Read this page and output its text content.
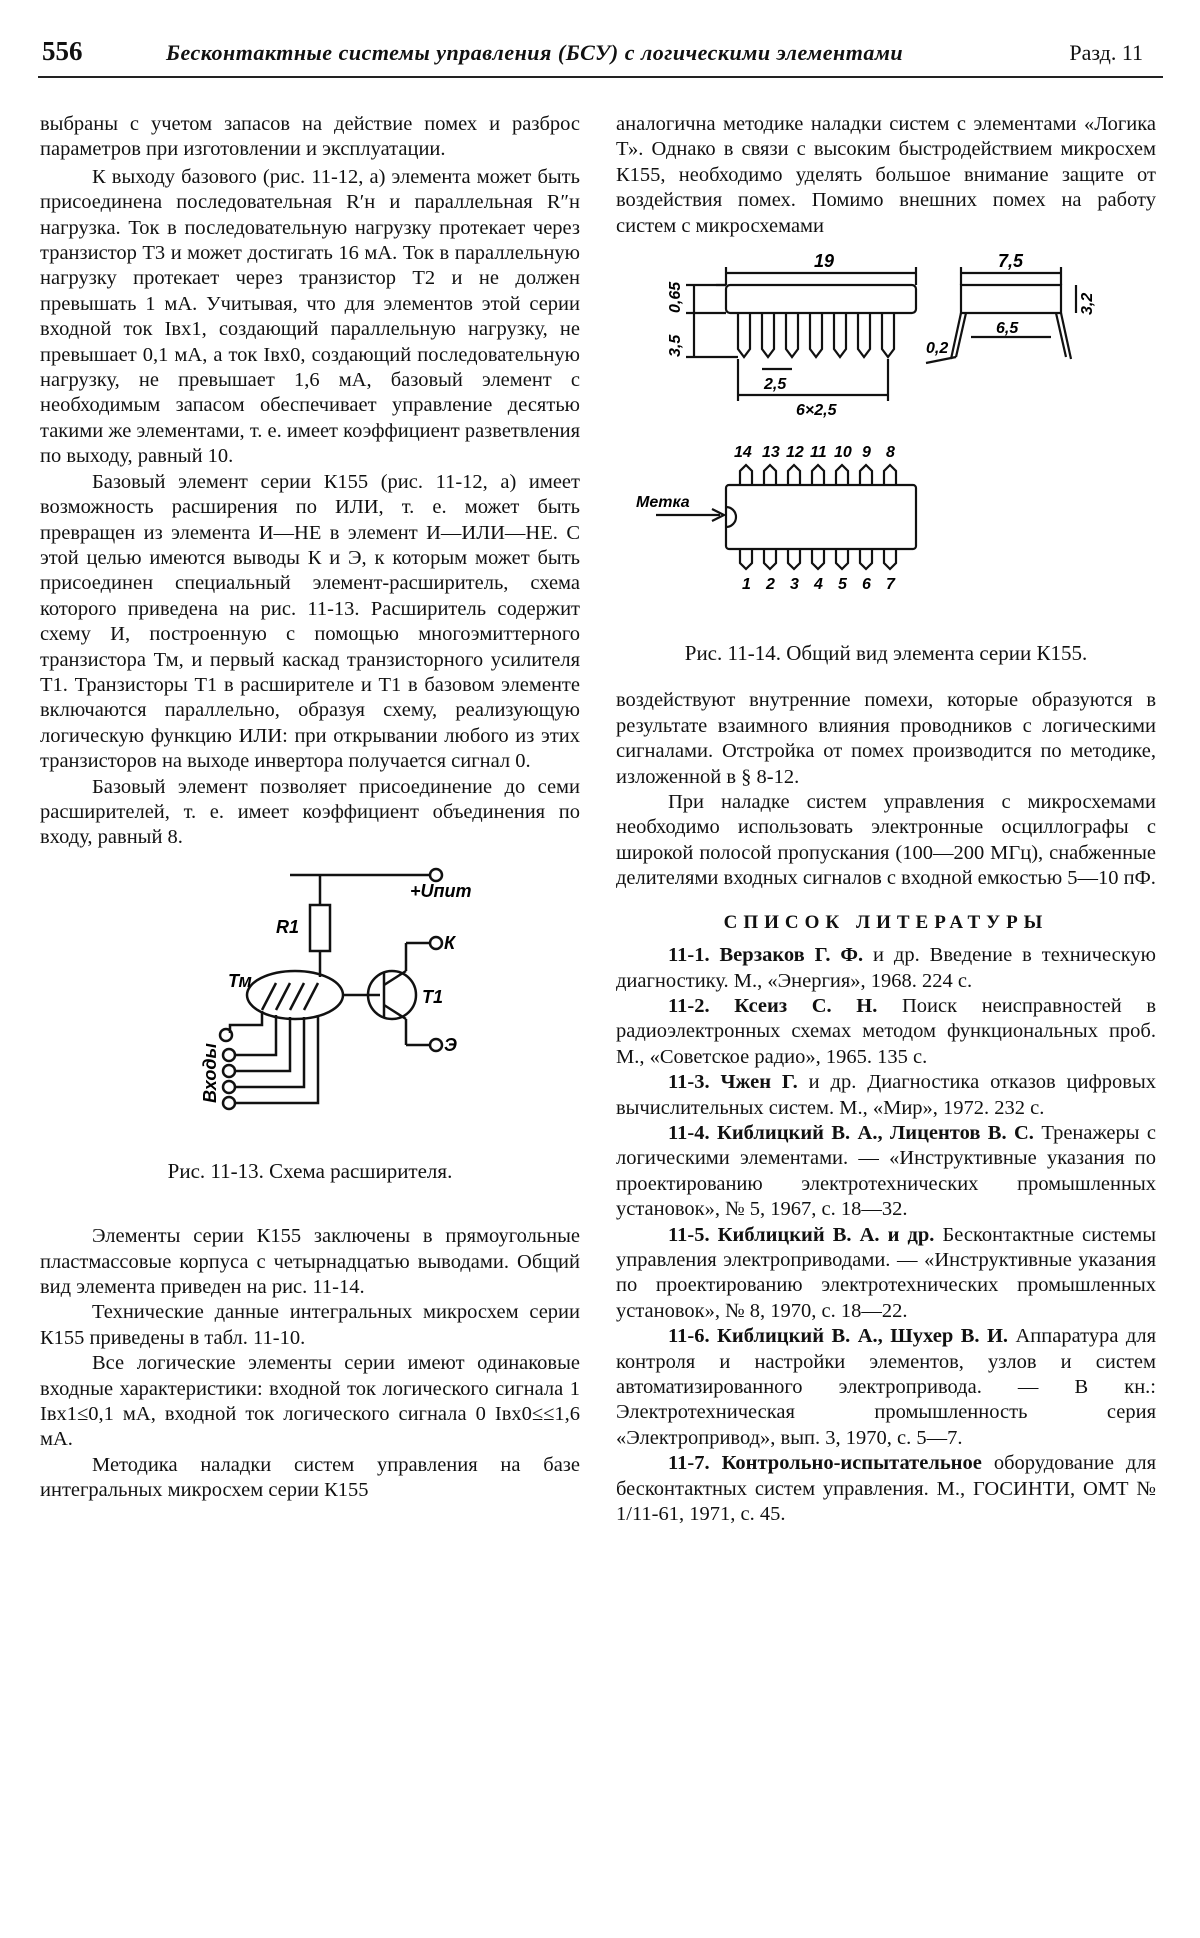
556	Бесконтактные системы управления (БСУ) с логическими элементами	Разд. 11

выбраны с учетом запасов на действие помех и разброс параметров при изготовлении и эксплуатации.

К выходу базового (рис. 11-12, а) элемента может быть присоединена последовательная R′н и параллельная R″н нагрузка. Ток в последовательную нагрузку протекает через транзистор Т3 и может достигать 16 мА. Ток в параллельную нагрузку протекает через транзистор Т2 и не должен превышать 1 мА. Учитывая, что для элементов этой серии входной ток Iвх1, создающий параллельную нагрузку, не превышает 0,1 мА, а ток Iвх0, создающий последовательную нагрузку, не превышает 1,6 мА, базовый элемент с необходимым запасом обеспечивает управление десятью такими же элементами, т. е. имеет коэффициент разветвления по выходу, равный 10.

Базовый элемент серии К155 (рис. 11-12, а) имеет возможность расширения по ИЛИ, т. е. может быть превращен из элемента И—НЕ в элемент И—ИЛИ—НЕ. С этой целью имеются выводы К и Э, к которым может быть присоединен специальный элемент-расширитель, схема которого приведена на рис. 11-13. Расширитель содержит схему И, построенную с помощью многоэмиттерного транзистора Тм, и первый каскад транзисторного усилителя Т1. Транзисторы Т1 в расширителе и Т1 в базовом элементе включаются параллельно, образуя схему, реализующую логическую функцию ИЛИ: при открывании любого из этих транзисторов на выходе инвертора получается сигнал 0.

Базовый элемент позволяет присоединение до семи расширителей, т. е. имеет коэффициент объединения по входу, равный 8.

+Uпит
R1
К
Тм
Т1
Э
Входы

Рис. 11-13. Схема расширителя.

Элементы серии К155 заключены в прямоугольные пластмассовые корпуса с четырнадцатью выводами. Общий вид элемента приведен на рис. 11-14.

Технические данные интегральных микросхем серии К155 приведены в табл. 11-10.

Все логические элементы серии имеют одинаковые входные характеристики: входной ток логического сигнала 1 Iвх1≤0,1 мА, входной ток логического сигнала 0 Iвх0≤≤1,6 мА.

Методика наладки систем управления на базе интегральных микросхем серии К155

аналогична методике наладки систем с элементами «Логика Т». Однако в связи с высоким быстродействием микросхем К155, необходимо уделять большое внимание защите от воздействия помех. Помимо внешних помех на работу систем с микросхемами

19	7,5
0,65	3,2
3,5
6,5
0,2
2,5
6×2,5
14 13 12 11 10 9 8
1 2 3 4 5 6 7
Метка

Рис. 11-14. Общий вид элемента серии К155.

воздействуют внутренние помехи, которые образуются в результате взаимного влияния проводников с логическими сигналами. Отстройка от помех производится по методике, изложенной в § 8-12.

При наладке систем управления с микросхемами необходимо использовать электронные осциллографы с широкой полосой пропускания (100—200 МГц), снабженные делителями входных сигналов с входной емкостью 5—10 пФ.

СПИСОК ЛИТЕРАТУРЫ

11-1. Верзаков Г. Ф. и др. Введение в техническую диагностику. М., «Энергия», 1968. 224 с.

11-2. Ксеиз С. Н. Поиск неисправностей в радиоэлектронных схемах методом функциональных проб. М., «Советское радио», 1965. 135 с.

11-3. Чжен Г. и др. Диагностика отказов цифровых вычислительных систем. М., «Мир», 1972. 232 с.

11-4. Киблицкий В. А., Лицентов В. С. Тренажеры с логическими элементами. — «Инструктивные указания по проектированию электротехнических промышленных установок», № 5, 1967, с. 18—32.

11-5. Киблицкий В. А. и др. Бесконтактные системы управления электроприводами. — «Инструктивные указания по проектированию электротехнических промышленных установок», № 8, 1970, с. 18—22.

11-6. Киблицкий В. А., Шухер В. И. Аппаратура для контроля и настройки элементов, узлов и систем автоматизированного электропривода. — В кн.: Электротехническая промышленность серия «Электропривод», вып. 3, 1970, с. 5—7.

11-7. Контрольно-испытательное оборудование для бесконтактных систем управления. М., ГОСИНТИ, ОМТ № 1/11-61, 1971, с. 45.
